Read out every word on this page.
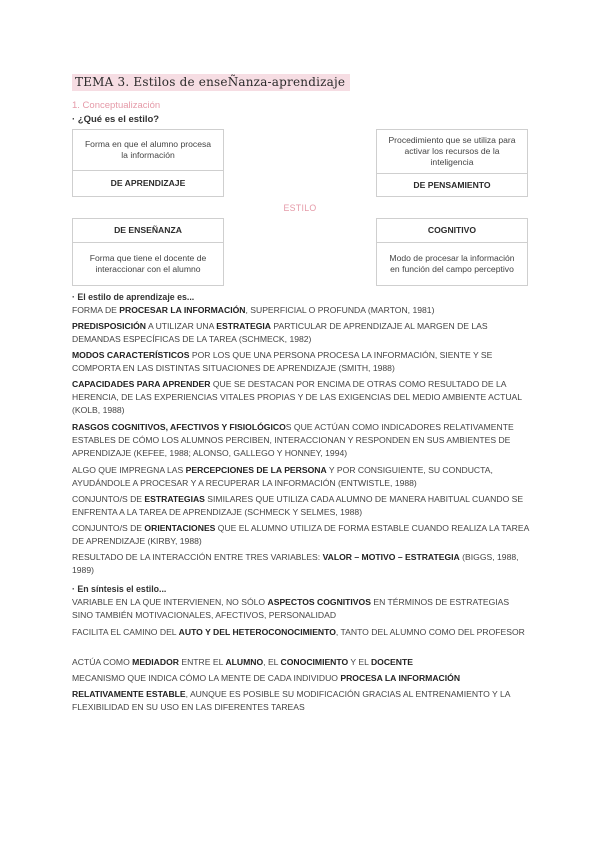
TEMA 3. Estilos de enseÑanza-aprendizaje
1. Conceptualización
· ¿Qué es el estilo?
Forma en que el alumno procesa la información
DE APRENDIZAJE
Procedimiento que se utiliza para activar los recursos de la inteligencia
DE PENSAMIENTO
ESTILO
DE ENSEÑANZA
Forma que tiene el docente de interaccionar con el alumno
COGNITIVO
Modo de procesar la información en función del campo perceptivo
· El estilo de aprendizaje es...
FORMA DE PROCESAR LA INFORMACIÓN, SUPERFICIAL O PROFUNDA (MARTON, 1981)
PREDISPOSICIÓN A UTILIZAR UNA ESTRATEGIA PARTICULAR DE APRENDIZAJE AL MARGEN DE LAS DEMANDAS ESPECÍFICAS DE LA TAREA (SCHMECK, 1982)
MODOS CARACTERÍSTICOS POR LOS QUE UNA PERSONA PROCESA LA INFORMACIÓN, SIENTE Y SE COMPORTA EN LAS DISTINTAS SITUACIONES DE APRENDIZAJE (SMITH, 1988)
CAPACIDADES PARA APRENDER QUE SE DESTACAN POR ENCIMA DE OTRAS COMO RESULTADO DE LA HERENCIA, DE LAS EXPERIENCIAS VITALES PROPIAS Y DE LAS EXIGENCIAS DEL MEDIO AMBIENTE ACTUAL (KOLB, 1988)
RASGOS COGNITIVOS, AFECTIVOS Y FISIOLÓGICOS QUE ACTÚAN COMO INDICADORES RELATIVAMENTE ESTABLES DE CÓMO LOS ALUMNOS PERCIBEN, INTERACCIONAN Y RESPONDEN EN SUS AMBIENTES DE APRENDIZAJE (KEFEE, 1988; ALONSO, GALLEGO Y HONNEY, 1994)
ALGO QUE IMPREGNA LAS PERCEPCIONES DE LA PERSONA Y POR CONSIGUIENTE, SU CONDUCTA, AYUDÁNDOLE A PROCESAR Y A RECUPERAR LA INFORMACIÓN (ENTWISTLE, 1988)
CONJUNTO/S DE ESTRATEGIAS SIMILARES QUE UTILIZA CADA ALUMNO DE MANERA HABITUAL CUANDO SE ENFRENTA A LA TAREA DE APRENDIZAJE (SCHMECK Y SELMES, 1988)
CONJUNTO/S DE ORIENTACIONES QUE EL ALUMNO UTILIZA DE FORMA ESTABLE CUANDO REALIZA LA TAREA DE APRENDIZAJE (KIRBY, 1988)
RESULTADO DE LA INTERACCIÓN ENTRE TRES VARIABLES: VALOR – MOTIVO – ESTRATEGIA (BIGGS, 1988, 1989)
· En síntesis el estilo...
VARIABLE EN LA QUE INTERVIENEN, NO SÓLO ASPECTOS COGNITIVOS EN TÉRMINOS DE ESTRATEGIAS SINO TAMBIÉN MOTIVACIONALES, AFECTIVOS, PERSONALIDAD
FACILITA EL CAMINO DEL AUTO Y DEL HETEROCONOCIMIENTO, TANTO DEL ALUMNO COMO DEL PROFESOR
ACTÚA COMO MEDIADOR ENTRE EL ALUMNO, EL CONOCIMIENTO Y EL DOCENTE
MECANISMO QUE INDICA CÓMO LA MENTE DE CADA INDIVIDUO PROCESA LA INFORMACIÓN
RELATIVAMENTE ESTABLE, AUNQUE ES POSIBLE SU MODIFICACIÓN GRACIAS AL ENTRENAMIENTO Y LA FLEXIBILIDAD EN SU USO EN LAS DIFERENTES TAREAS
